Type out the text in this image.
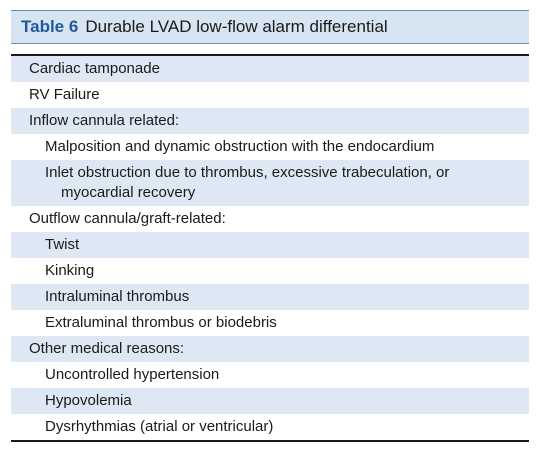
Table 6 Durable LVAD low-flow alarm differential
Cardiac tamponade
RV Failure
Inflow cannula related:
Malposition and dynamic obstruction with the endocardium
Inlet obstruction due to thrombus, excessive trabeculation, or
myocardial recovery
Outflow cannula/graft-related:
Twist
Kinking
Intraluminal thrombus
Extraluminal thrombus or biodebris
Other medical reasons:
Uncontrolled hypertension
Hypovolemia
Dysrhythmias (atrial or ventricular)
